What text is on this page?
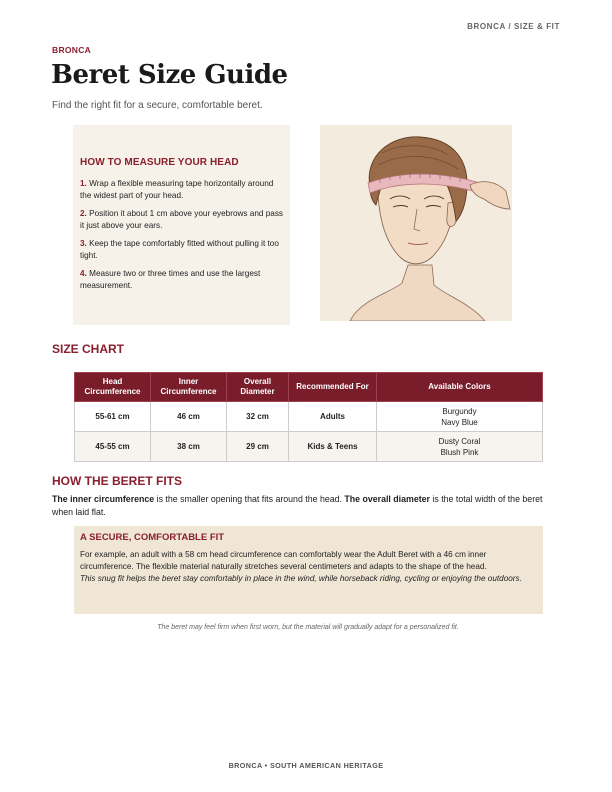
BRONCA / SIZE & FIT
BRONCA
Beret Size Guide
Find the right fit for a secure, comfortable beret.
HOW TO MEASURE YOUR HEAD
1. Wrap a flexible measuring tape horizontally around the widest part of your head.
2. Position it about 1 cm above your eyebrows and pass it just above your ears.
3. Keep the tape comfortably fitted without pulling it too tight.
4. Measure two or three times and use the largest measurement.
SIZE CHART
Head Circumference	Inner Circumference	Overall Diameter	Recommended For	Available Colors
55-61 cm	46 cm	32 cm	Adults	Burgundy
Navy Blue
45-55 cm	38 cm	29 cm	Kids & Teens	Dusty Coral
Blush Pink
HOW THE BERET FITS

The inner circumference is the smaller opening that fits around the head. The overall diameter is the total width of the beret when laid flat.

A SECURE, COMFORTABLE FIT
For example, an adult with a 58 cm head circumference can comfortably wear the Adult Beret with a 46 cm inner circumference. The flexible material naturally stretches several centimeters and adapts to the shape of the head.
This snug fit helps the beret stay comfortably in place in the wind, while horseback riding, cycling or enjoying the outdoors.
The beret may feel firm when first worn, but the material will gradually adapt for a personalized fit.
BRONCA • SOUTH AMERICAN HERITAGE
